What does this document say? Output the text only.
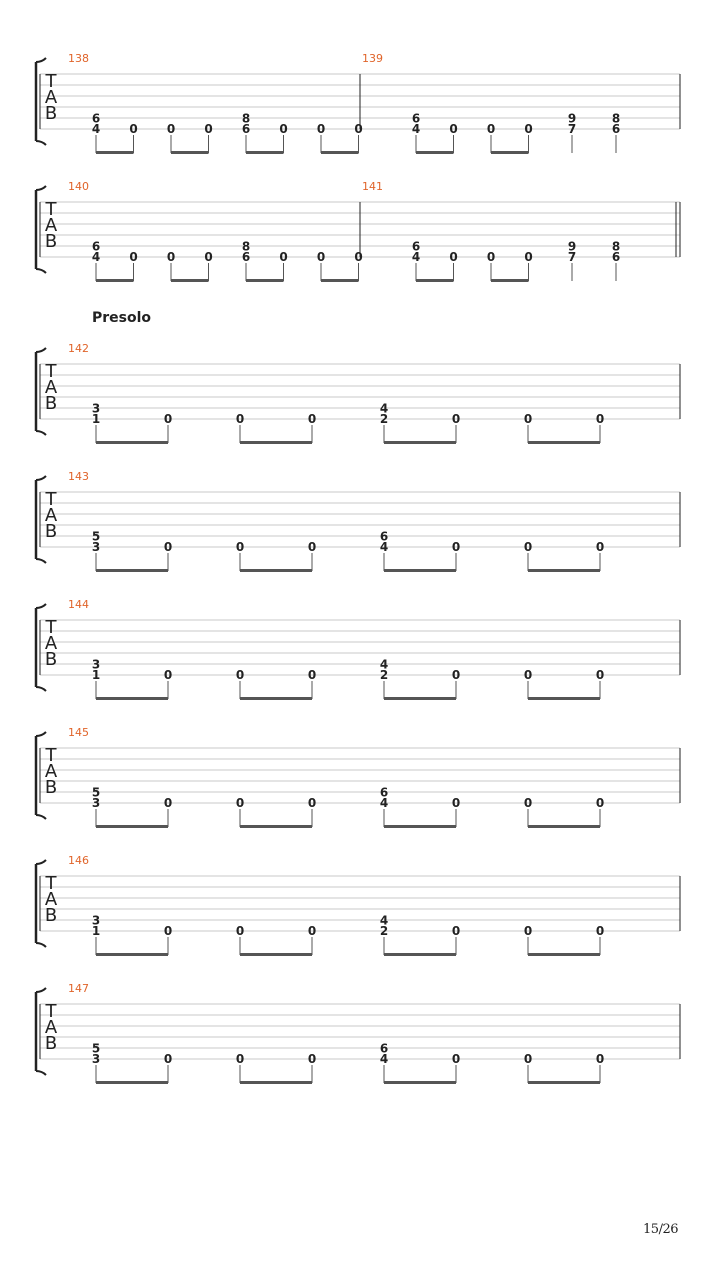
T
A
B
138
6
4 0 0 0
8
6 0 0 0
139
6
4 0 0 0
9
7
8
6
T
A
B
140
6
4 0 0 0
8
6 0 0 0
141
6
4 0 0 0
9
7
8
6
T
A
B
142
3
1	0	0	0
4
2	0	0	0
T
A
B
143
5
3	0	0	0
6
4	0	0	0
T
A
B
144
3
1	0	0	0
4
2	0	0	0
T
A
B
145
5
3	0	0	0
6
4	0	0	0
T
A
B
146
3
1	0	0	0
4
2	0	0	0
T
A
B
147
5
3	0	0	0
6
4	0	0	0
Presolo
15/26
